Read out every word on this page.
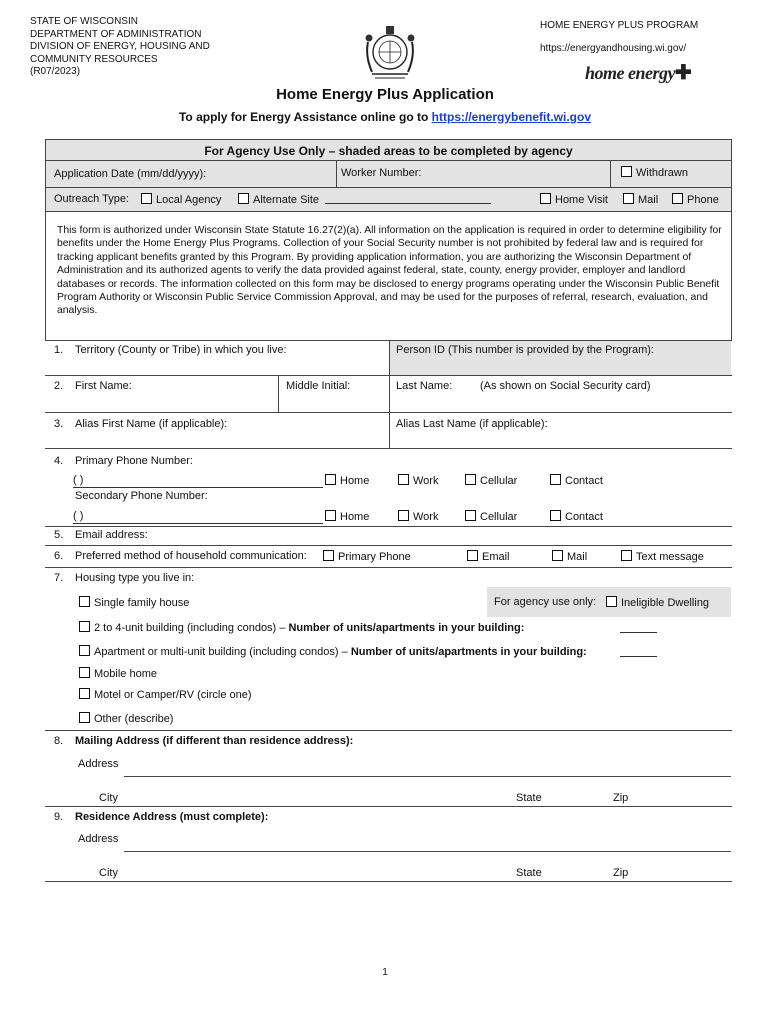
STATE OF WISCONSIN
DEPARTMENT OF ADMINISTRATION
DIVISION OF ENERGY, HOUSING AND
COMMUNITY RESOURCES
(R07/2023)
HOME ENERGY PLUS PROGRAM
https://energyandhousing.wi.gov/
home energy✚
Home Energy Plus Application
To apply for Energy Assistance online go to https://energybenefit.wi.gov
For Agency Use Only – shaded areas to be completed by agency
Application Date (mm/dd/yyyy):	Worker Number:	Withdrawn
Outreach Type:	Local Agency	Alternate Site	Home Visit	Mail	Phone
This form is authorized under Wisconsin State Statute 16.27(2)(a). All information on the application is required in order to determine eligibility for benefits under the Home Energy Plus Programs. Collection of your Social Security number is not prohibited by federal law and is required for tracking applicant benefits granted by this Program. By providing application information, you are authorizing the Wisconsin Department of Administration and its authorized agents to verify the data provided against federal, state, county, energy provider, employer and landlord databases or records. The information collected on this form may be disclosed to energy programs operating under the Wisconsin Public Benefit Program Authority or Wisconsin Public Service Commission Approval, and may be used for the purposes of referral, research, evaluation, and analysis.
1. Territory (County or Tribe) in which you live:	Person ID (This number is provided by the Program):
2. First Name:	Middle Initial:	Last Name:	(As shown on Social Security card)
3. Alias First Name (if applicable):	Alias Last Name (if applicable):
4. Primary Phone Number:
( )	Home	Work	Cellular	Contact
Secondary Phone Number:
( )	Home	Work	Cellular	Contact
5. Email address:
6. Preferred method of household communication:	Primary Phone	Email	Mail	Text message
7. Housing type you live in:
Single family house	For agency use only:	Ineligible Dwelling
2 to 4-unit building (including condos) – Number of units/apartments in your building:
Apartment or multi-unit building (including condos) – Number of units/apartments in your building:
Mobile home
Motel or Camper/RV (circle one)
Other (describe)
8. Mailing Address (if different than residence address):
Address
City	State	Zip
9. Residence Address (must complete):
Address
City	State	Zip
1
